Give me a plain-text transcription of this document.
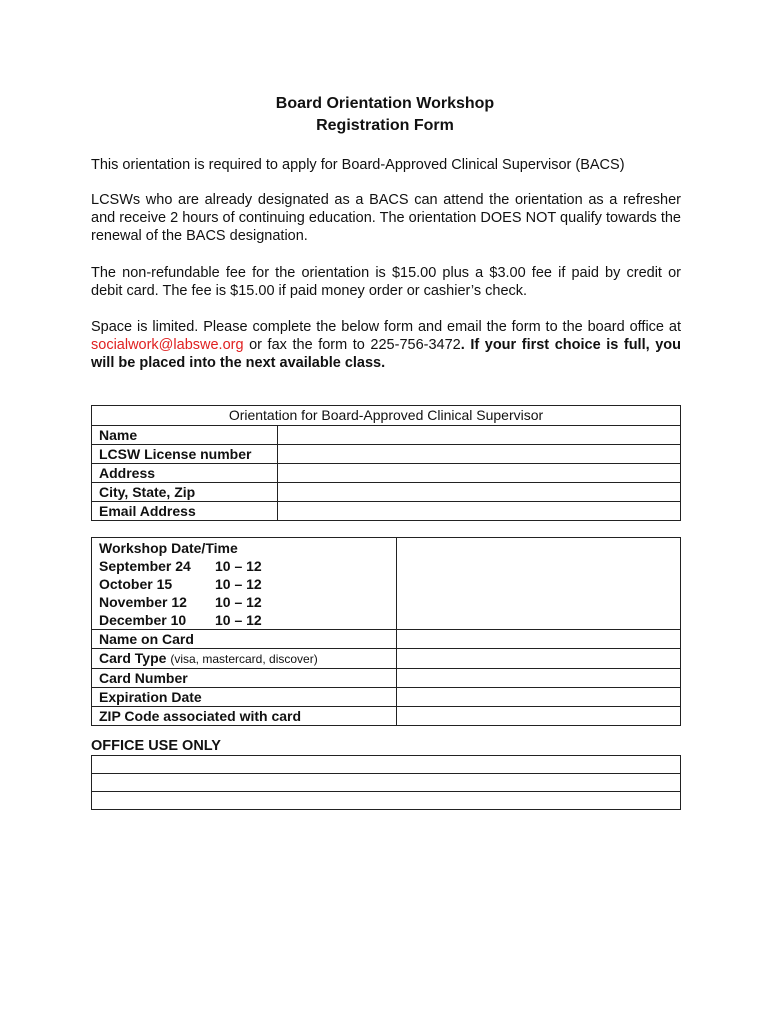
Board Orientation Workshop
Registration Form
This orientation is required to apply for Board-Approved Clinical Supervisor (BACS)
LCSWs who are already designated as a BACS can attend the orientation as a refresher and receive 2 hours of continuing education. The orientation DOES NOT qualify towards the renewal of the BACS designation.
The non-refundable fee for the orientation is $15.00 plus a $3.00 fee if paid by credit or debit card. The fee is $15.00 if paid money order or cashier’s check.
Space is limited. Please complete the below form and email the form to the board office at socialwork@labswe.org or fax the form to 225-756-3472. If your first choice is full, you will be placed into the next available class.
Orientation for Board-Approved Clinical Supervisor	
Name	
LCSW License number	
Address	
City, State, Zip	
Email Address	
Workshop Date/Time
September 24 10 – 12
October 15 10 – 12
November 12 10 – 12
December 10 10 – 12	

Name on Card	
Card Type (visa, mastercard, discover)	
Card Number	
Expiration Date	
ZIP Code associated with card	
OFFICE USE ONLY
